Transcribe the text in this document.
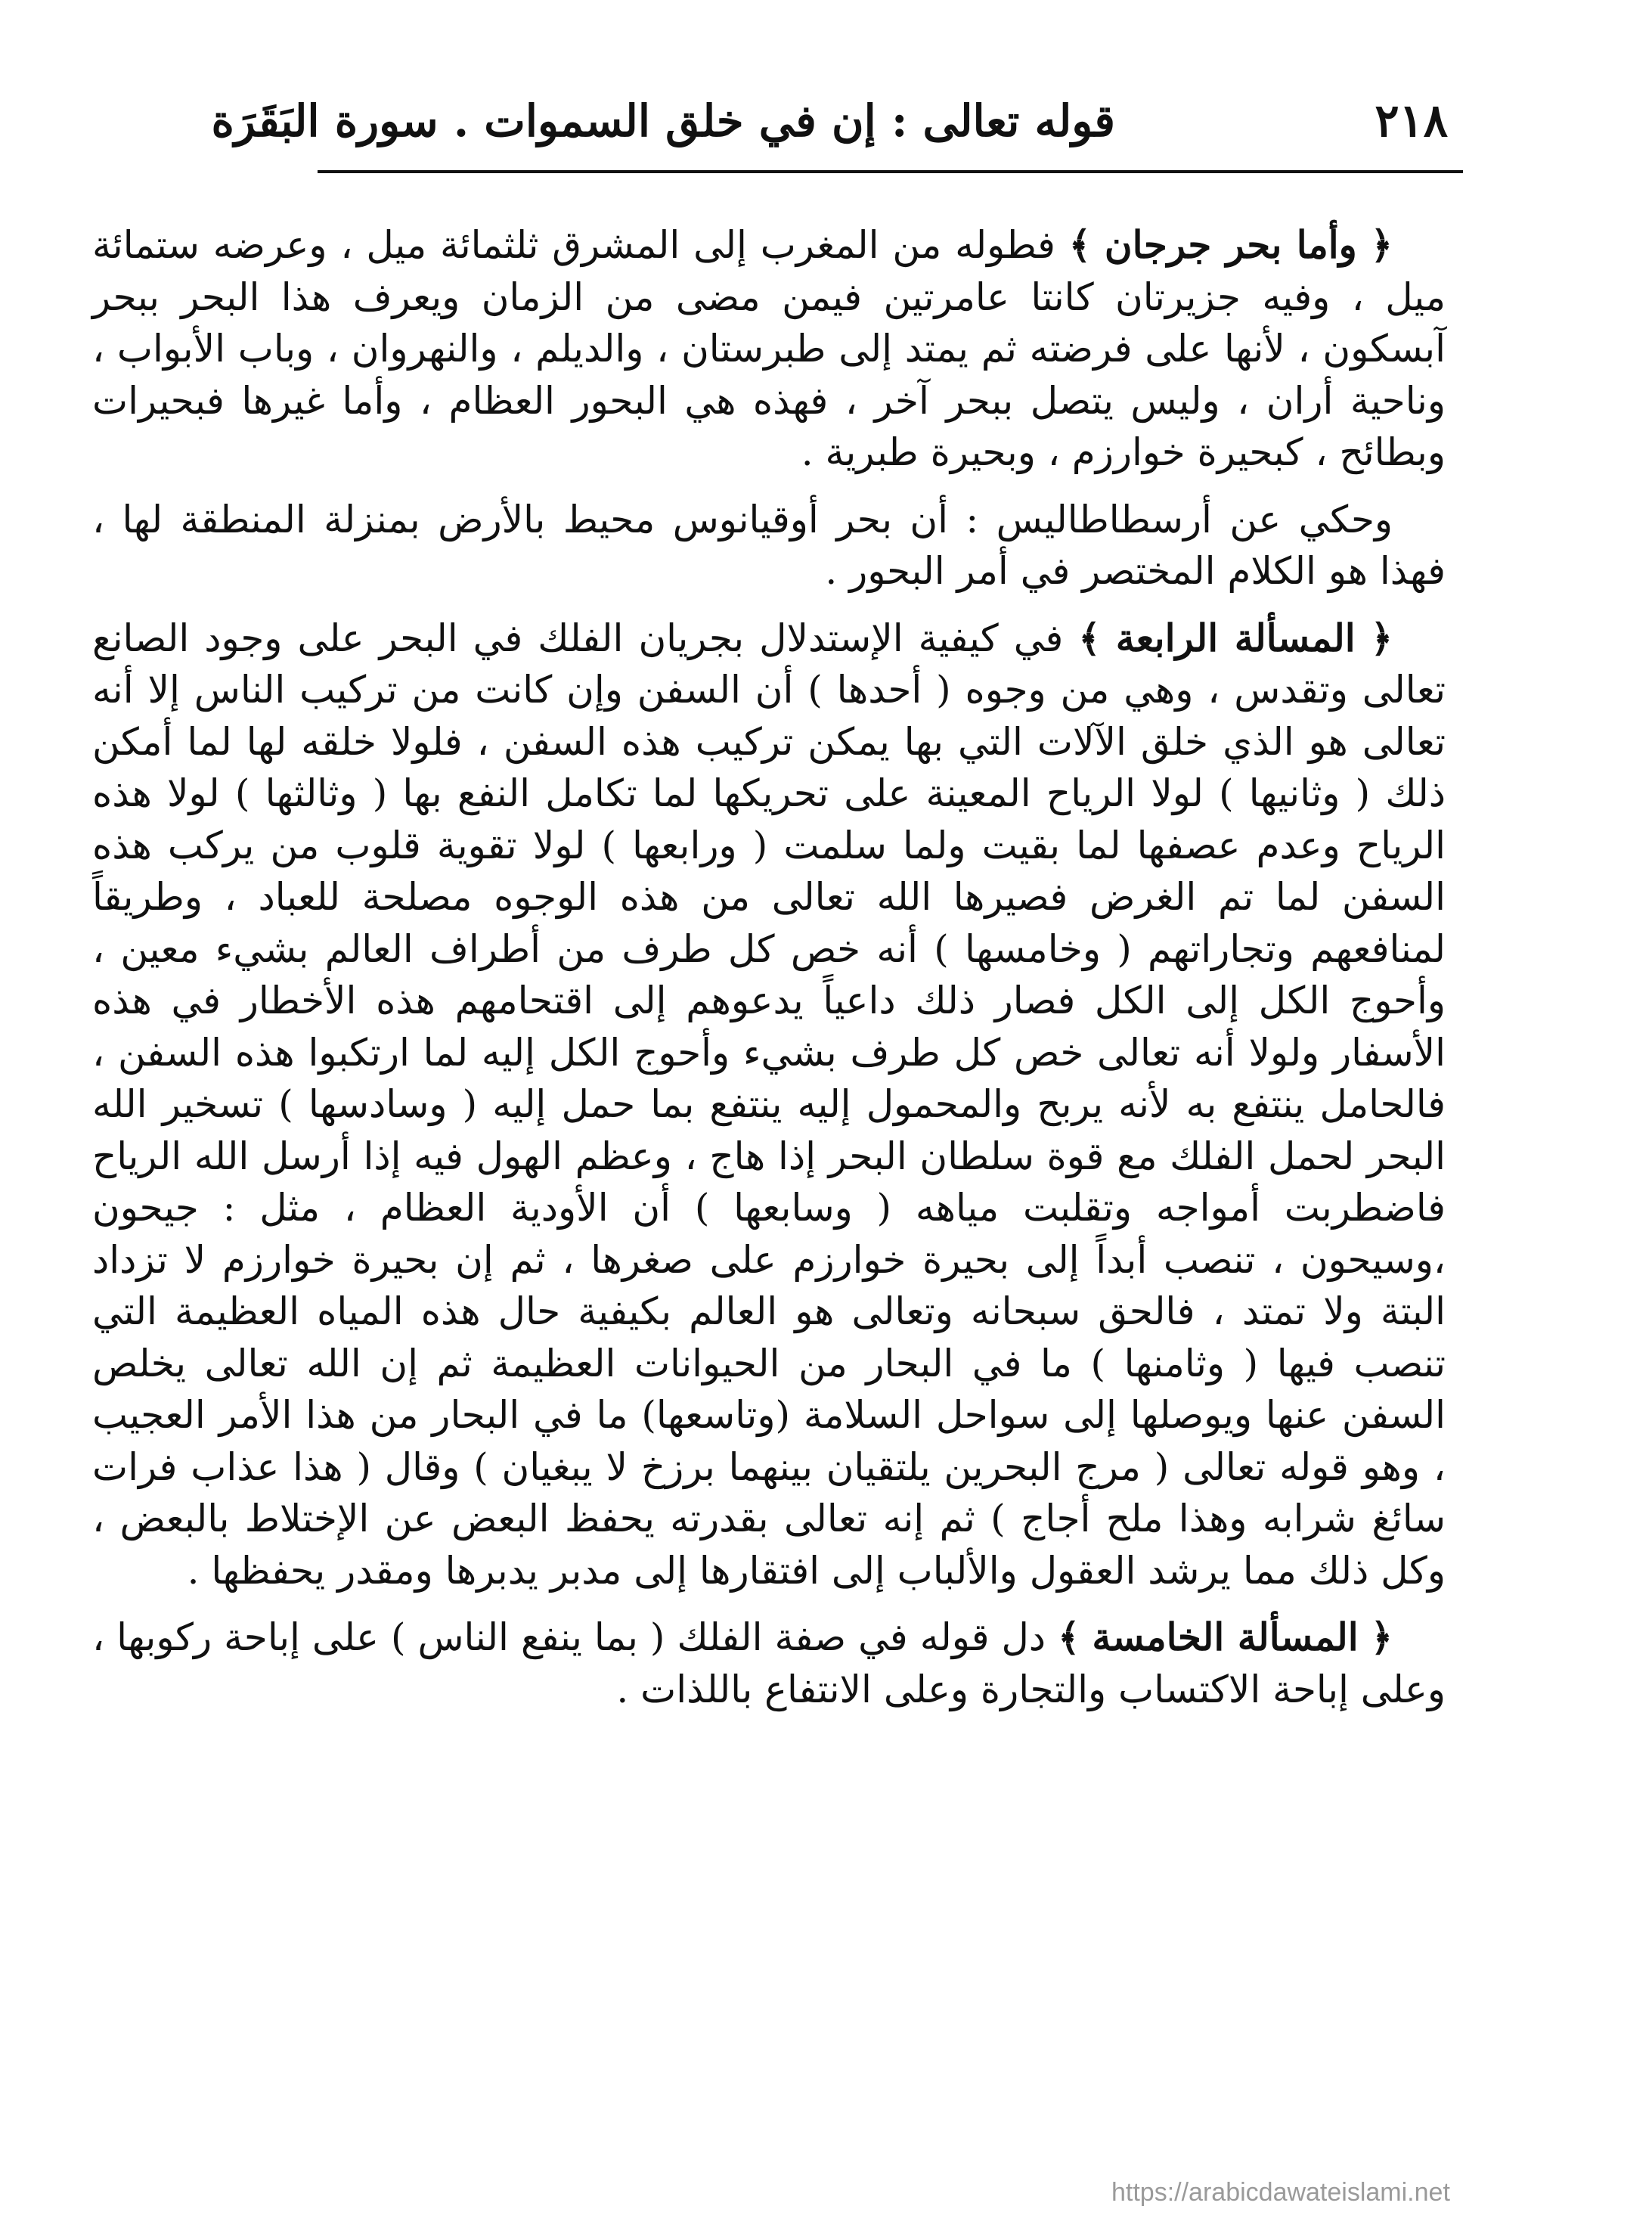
٢١٨
قوله تعالى : إن في خلق السموات . سورة البَقَرَة

﴿ وأما بحر جرجان ﴾ فطوله من المغرب إلى المشرق ثلثمائة ميل ، وعرضه ستمائة ميل ، وفيه جزيرتان كانتا عامرتين فيمن مضى من الزمان ويعرف هذا البحر ببحر آبسكون ، لأنها على فرضته ثم يمتد إلى طبرستان ، والديلم ، والنهروان ، وباب الأبواب ، وناحية أران ، وليس يتصل ببحر آخر ، فهذه هي البحور العظام ، وأما غيرها فبحيرات وبطائح ، كبحيرة خوارزم ، وبحيرة طبرية .

وحكي عن أرسطاطاليس : أن بحر أوقيانوس محيط بالأرض بمنزلة المنطقة لها ، فهذا هو الكلام المختصر في أمر البحور .

﴿ المسألة الرابعة ﴾ في كيفية الإستدلال بجريان الفلك في البحر على وجود الصانع تعالى وتقدس ، وهي من وجوه ( أحدها ) أن السفن وإن كانت من تركيب الناس إلا أنه تعالى هو الذي خلق الآلات التي بها يمكن تركيب هذه السفن ، فلولا خلقه لها لما أمكن ذلك ( وثانيها ) لولا الرياح المعينة على تحريكها لما تكامل النفع بها ( وثالثها ) لولا هذه الرياح وعدم عصفها لما بقيت ولما سلمت ( ورابعها ) لولا تقوية قلوب من يركب هذه السفن لما تم الغرض فصيرها الله تعالى من هذه الوجوه مصلحة للعباد ، وطريقاً لمنافعهم وتجاراتهم ( وخامسها ) أنه خص كل طرف من أطراف العالم بشيء معين ، وأحوج الكل إلى الكل فصار ذلك داعياً يدعوهم إلى اقتحامهم هذه الأخطار في هذه الأسفار ولولا أنه تعالى خص كل طرف بشيء وأحوج الكل إليه لما ارتكبوا هذه السفن ، فالحامل ينتفع به لأنه يربح والمحمول إليه ينتفع بما حمل إليه ( وسادسها ) تسخير الله البحر لحمل الفلك مع قوة سلطان البحر إذا هاج ، وعظم الهول فيه إذا أرسل الله الرياح فاضطربت أمواجه وتقلبت مياهه ( وسابعها ) أن الأودية العظام ، مثل : جيحون ،وسيحون ، تنصب أبداً إلى بحيرة خوارزم على صغرها ، ثم إن بحيرة خوارزم لا تزداد البتة ولا تمتد ، فالحق سبحانه وتعالى هو العالم بكيفية حال هذه المياه العظيمة التي تنصب فيها ( وثامنها ) ما في البحار من الحيوانات العظيمة ثم إن الله تعالى يخلص السفن عنها ويوصلها إلى سواحل السلامة (وتاسعها) ما في البحار من هذا الأمر العجيب ، وهو قوله تعالى ( مرج البحرين يلتقيان بينهما برزخ لا يبغيان ) وقال ( هذا عذاب فرات سائغ شرابه وهذا ملح أجاج ) ثم إنه تعالى بقدرته يحفظ البعض عن الإختلاط بالبعض ، وكل ذلك مما يرشد العقول والألباب إلى افتقارها إلى مدبر يدبرها ومقدر يحفظها .

﴿ المسألة الخامسة ﴾ دل قوله في صفة الفلك ( بما ينفع الناس ) على إباحة ركوبها ، وعلى إباحة الاكتساب والتجارة وعلى الانتفاع باللذات .

https://arabicdawateislami.net
